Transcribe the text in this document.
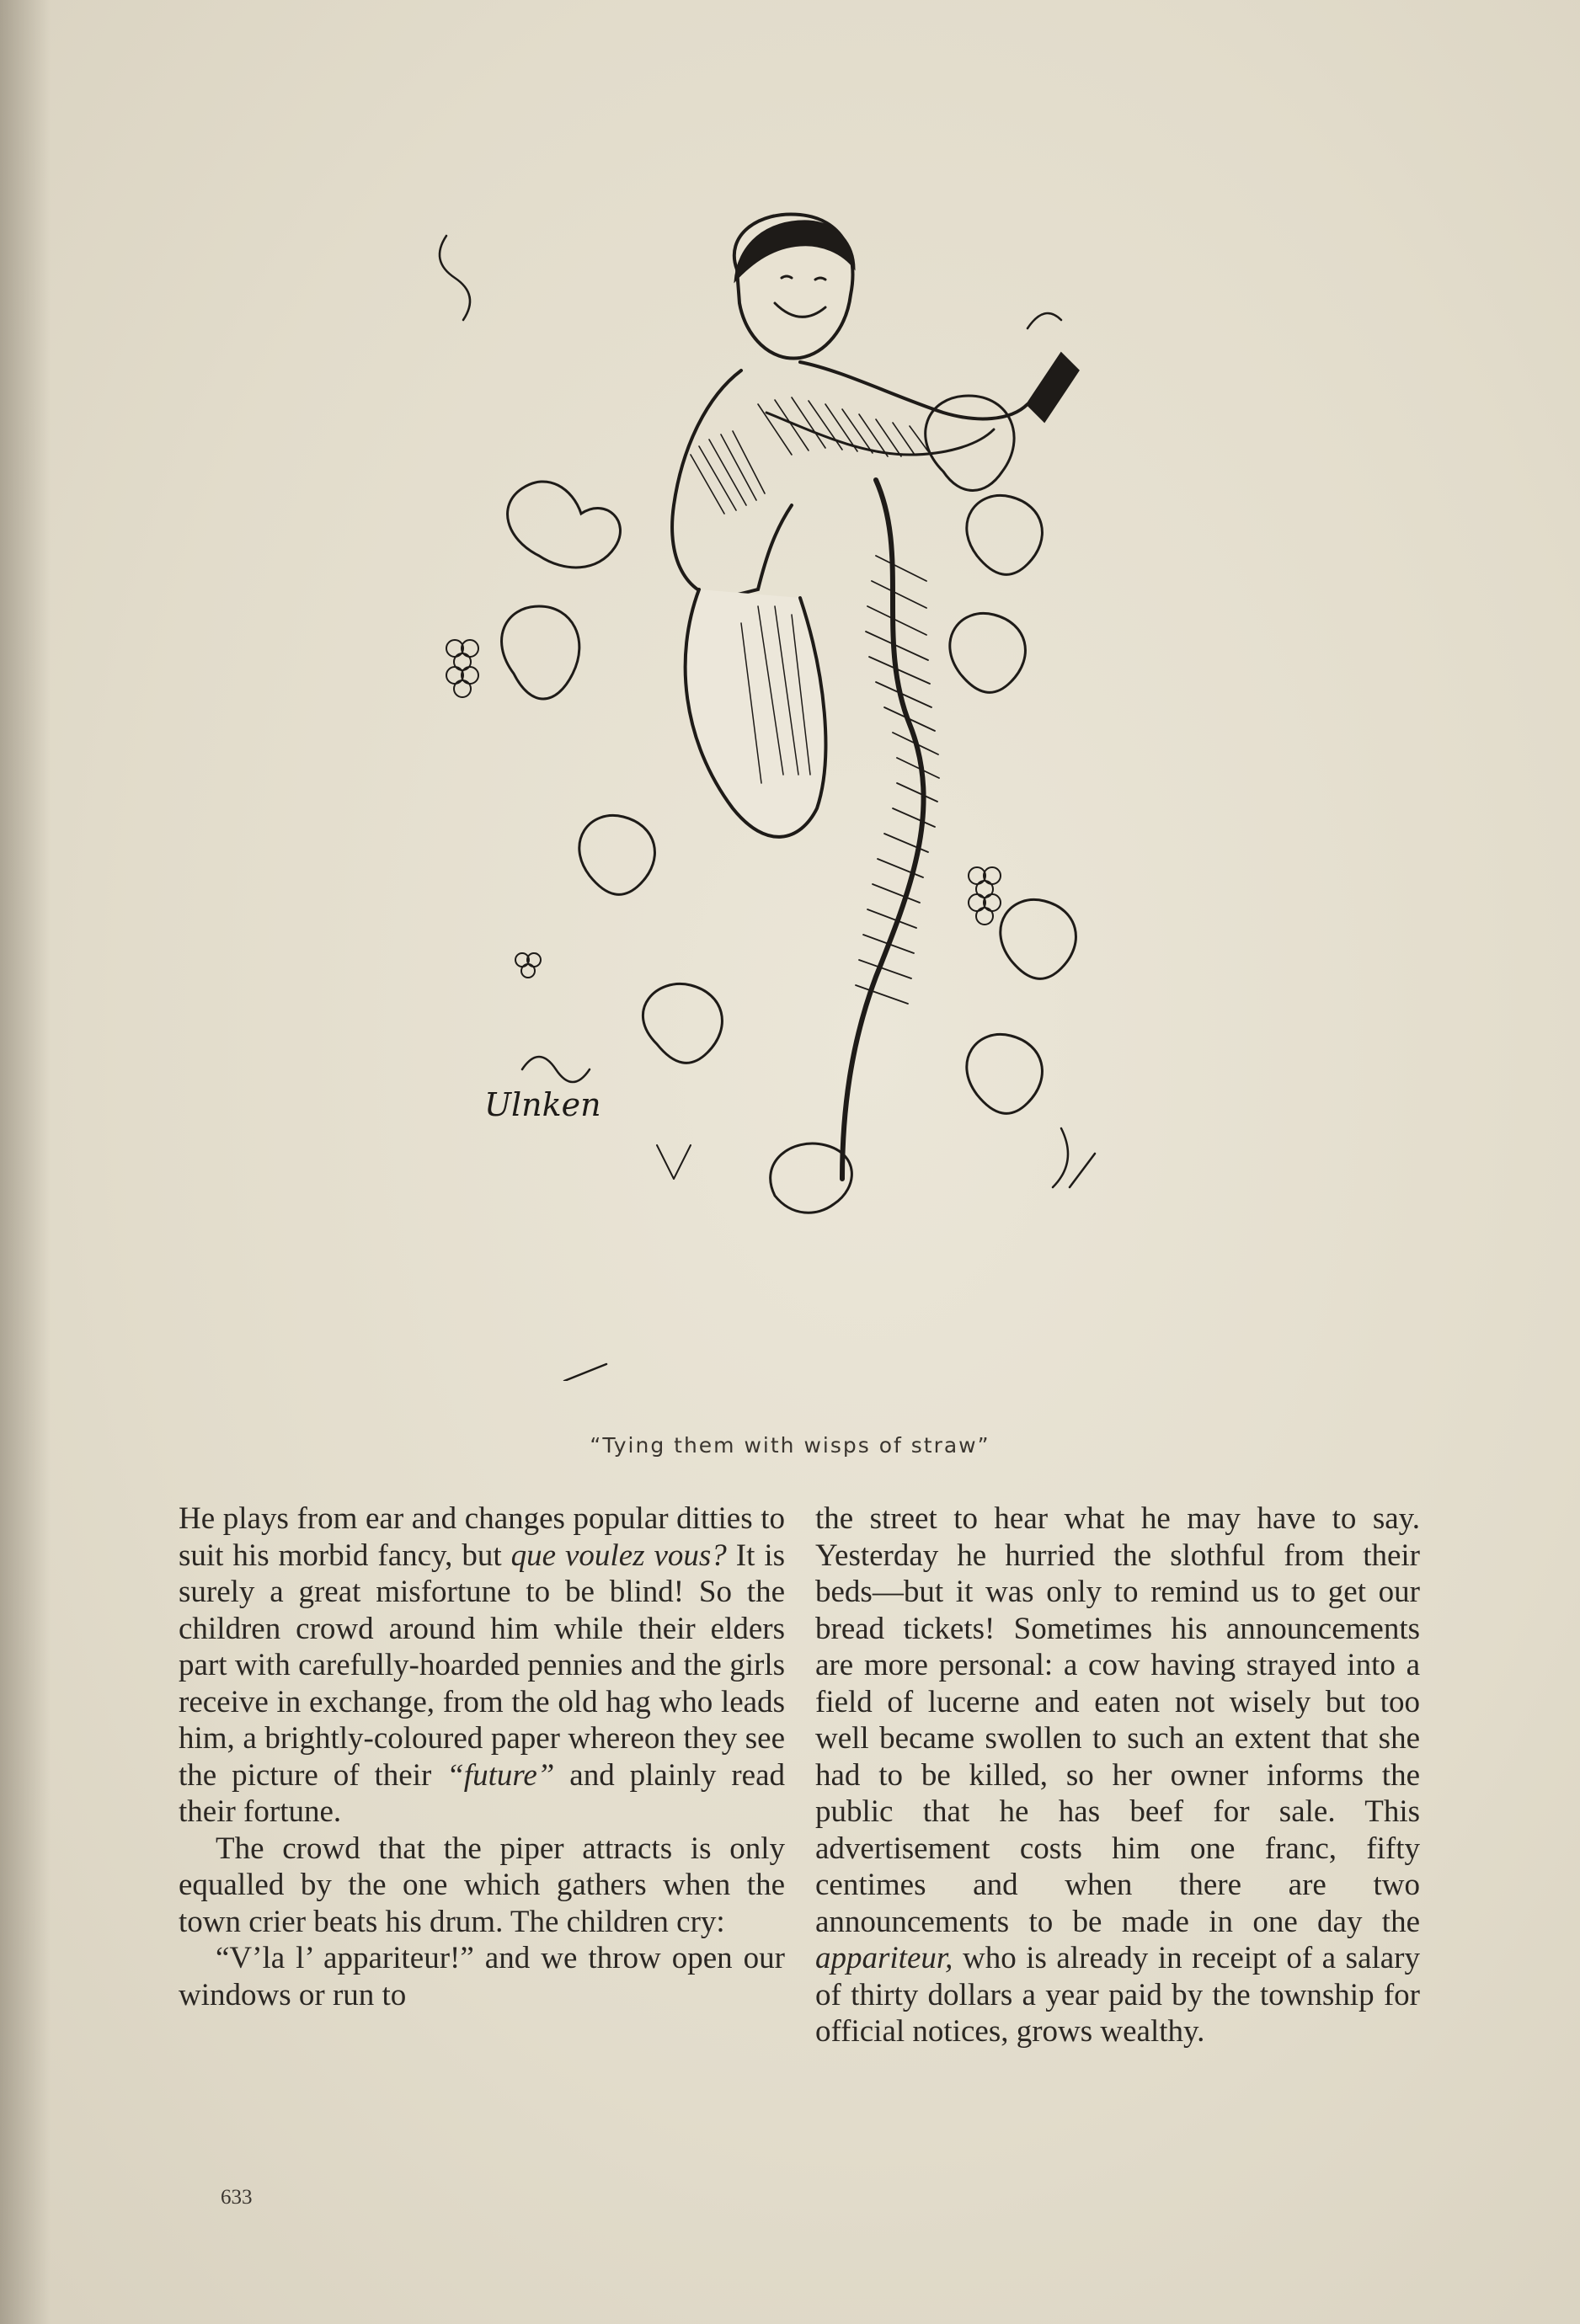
Ulnken
“Tying them with wisps of straw”

He plays from ear and changes popular ditties to suit his morbid fancy, but que voulez vous? It is surely a great misfortune to be blind! So the children crowd around him while their elders part with carefully-hoarded pennies and the girls receive in exchange, from the old hag who leads him, a brightly-coloured paper whereon they see the picture of their “future” and plainly read their fortune.

The crowd that the piper attracts is only equalled by the one which gathers when the town crier beats his drum. The children cry:

“V’la l’ appariteur!” and we throw open our windows or run to

the street to hear what he may have to say. Yesterday he hurried the slothful from their beds—but it was only to remind us to get our bread tickets! Sometimes his announcements are more personal: a cow having strayed into a field of lucerne and eaten not wisely but too well became swollen to such an extent that she had to be killed, so her owner informs the public that he has beef for sale. This advertisement costs him one franc, fifty centimes and when there are two announcements to be made in one day the appariteur, who is already in receipt of a salary of thirty dollars a year paid by the township for official notices, grows wealthy.

633
